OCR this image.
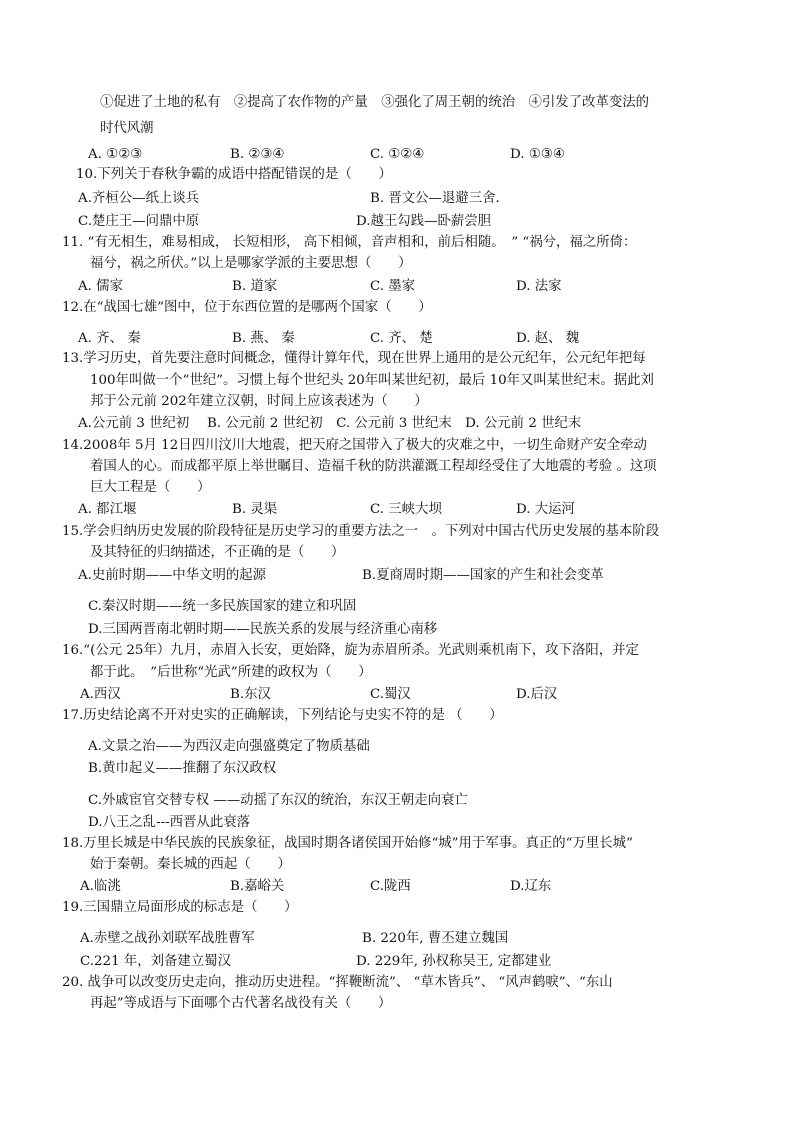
①促进了土地的私有　②提高了农作物的产量　③强化了周王朝的统治　④引发了改革变法的
时代风潮
A. ①②③	B. ②③④	C. ①②④	D. ①③④
10.下列关于春秋争霸的成语中搭配错误的是（　　）
A.齐桓公—纸上谈兵	B. 晋文公—退避三舍．
C.楚庄王—问鼎中原	D.越王勾践—卧薪尝胆
11. “有无相生，难易相成， 长短相形， 高下相倾，音声相和，前后相随。　” “祸兮，福之所倚：
福兮，祸之所伏。”以上是哪家学派的主要思想（　　）
A. 儒家	B. 道家	C. 墨家	D. 法家
12.在“战国七雄”图中，位于东西位置的是哪两个国家（　　）
A. 齐、 秦	B. 燕、 秦	C. 齐、 楚	D. 赵、 魏
13.学习历史，首先要注意时间概念，懂得计算年代，现在世界上通用的是公元纪年，公元纪年把每
100年叫做一个“世纪”。习惯上每个世纪头 20年叫某世纪初，最后 10年又叫某世纪末。据此刘
邦于公元前 202年建立汉朝，时间上应该表述为（　　）
A.公元前 3 世纪初　 B. 公元前 2 世纪初　C. 公元前 3 世纪末　D. 公元前 2 世纪末
14.2008年 5月 12日四川汶川大地震，把天府之国带入了极大的灾难之中，一切生命财产安全牵动
着国人的心。而成都平原上举世瞩目、造福千秋的防洪灌溉工程却经受住了大地震的考验 。这项
巨大工程是（　　）
A. 都江堰	B. 灵渠	C. 三峡大坝	D. 大运河
15.学会归纳历史发展的阶段特征是历史学习的重要方法之一　。下列对中国古代历史发展的基本阶段
及其特征的归纳描述，不正确的是（　　）
A.史前时期——中华文明的起源	B.夏商周时期——国家的产生和社会变革
C.秦汉时期——统一多民族国家的建立和巩固
D.三国两晋南北朝时期——民族关系的发展与经济重心南移
16.“(公元 25年）九月，赤眉入长安，更始降，旋为赤眉所杀。光武则乘机南下，攻下洛阳，并定
都于此。　”后世称“光武”所建的政权为（　　）
A.西汉	B.东汉	C.蜀汉	D.后汉
17.历史结论离不开对史实的正确解读，下列结论与史实不符的是 （　　）
A.文景之治——为西汉走向强盛奠定了物质基础
B.黄巾起义——推翻了东汉政权
C.外戚宦官交替专权 ——动摇了东汉的统治，东汉王朝走向衰亡
D.八王之乱---西晋从此衰落
18.万里长城是中华民族的民族象征，战国时期各诸侯国开始修“城”用于军事。真正的“万里长城”
始于秦朝。秦长城的西起（　　）
A.临洮	B.嘉峪关	C.陇西	D.辽东
19.三国鼎立局面形成的标志是（　　）
A.赤壁之战孙刘联军战胜曹军	B. 220年, 曹丕建立魏国
C.221 年，刘备建立蜀汉	D. 229年, 孙权称吴王, 定都建业
20. 战争可以改变历史走向，推动历史进程。“挥鞭断流”、 “草木皆兵”、 “风声鹤唳”、“东山
再起”等成语与下面哪个古代著名战役有关（　　）
